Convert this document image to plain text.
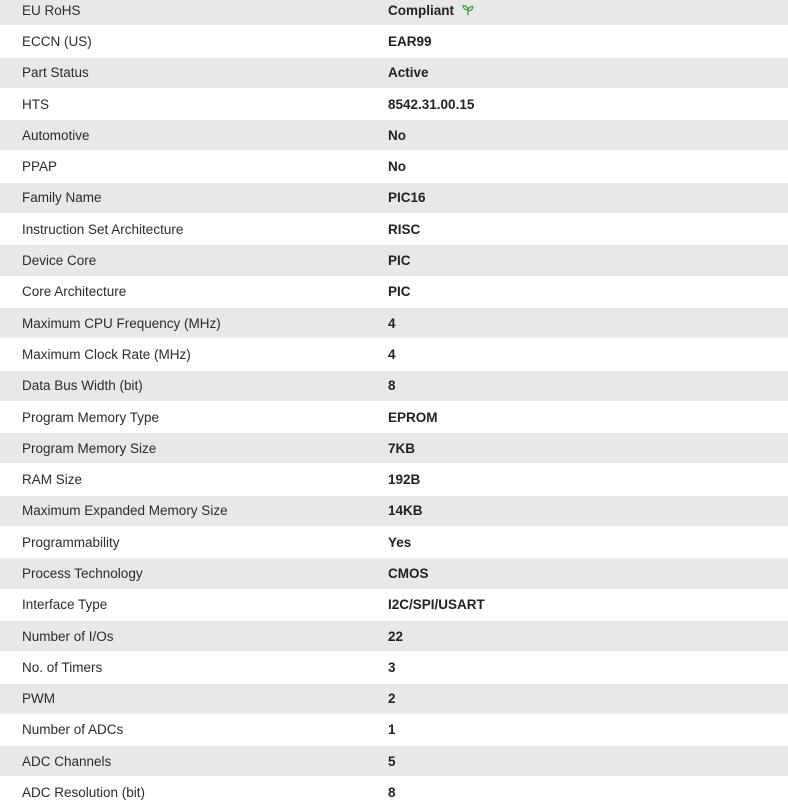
EU RoHS	Compliant
ECCN (US)	EAR99
Part Status	Active
HTS	8542.31.00.15
Automotive	No
PPAP	No
Family Name	PIC16
Instruction Set Architecture	RISC
Device Core	PIC
Core Architecture	PIC
Maximum CPU Frequency (MHz)	4
Maximum Clock Rate (MHz)	4
Data Bus Width (bit)	8
Program Memory Type	EPROM
Program Memory Size	7KB
RAM Size	192B
Maximum Expanded Memory Size	14KB
Programmability	Yes
Process Technology	CMOS
Interface Type	I2C/SPI/USART
Number of I/Os	22
No. of Timers	3
PWM	2
Number of ADCs	1
ADC Channels	5
ADC Resolution (bit)	8
